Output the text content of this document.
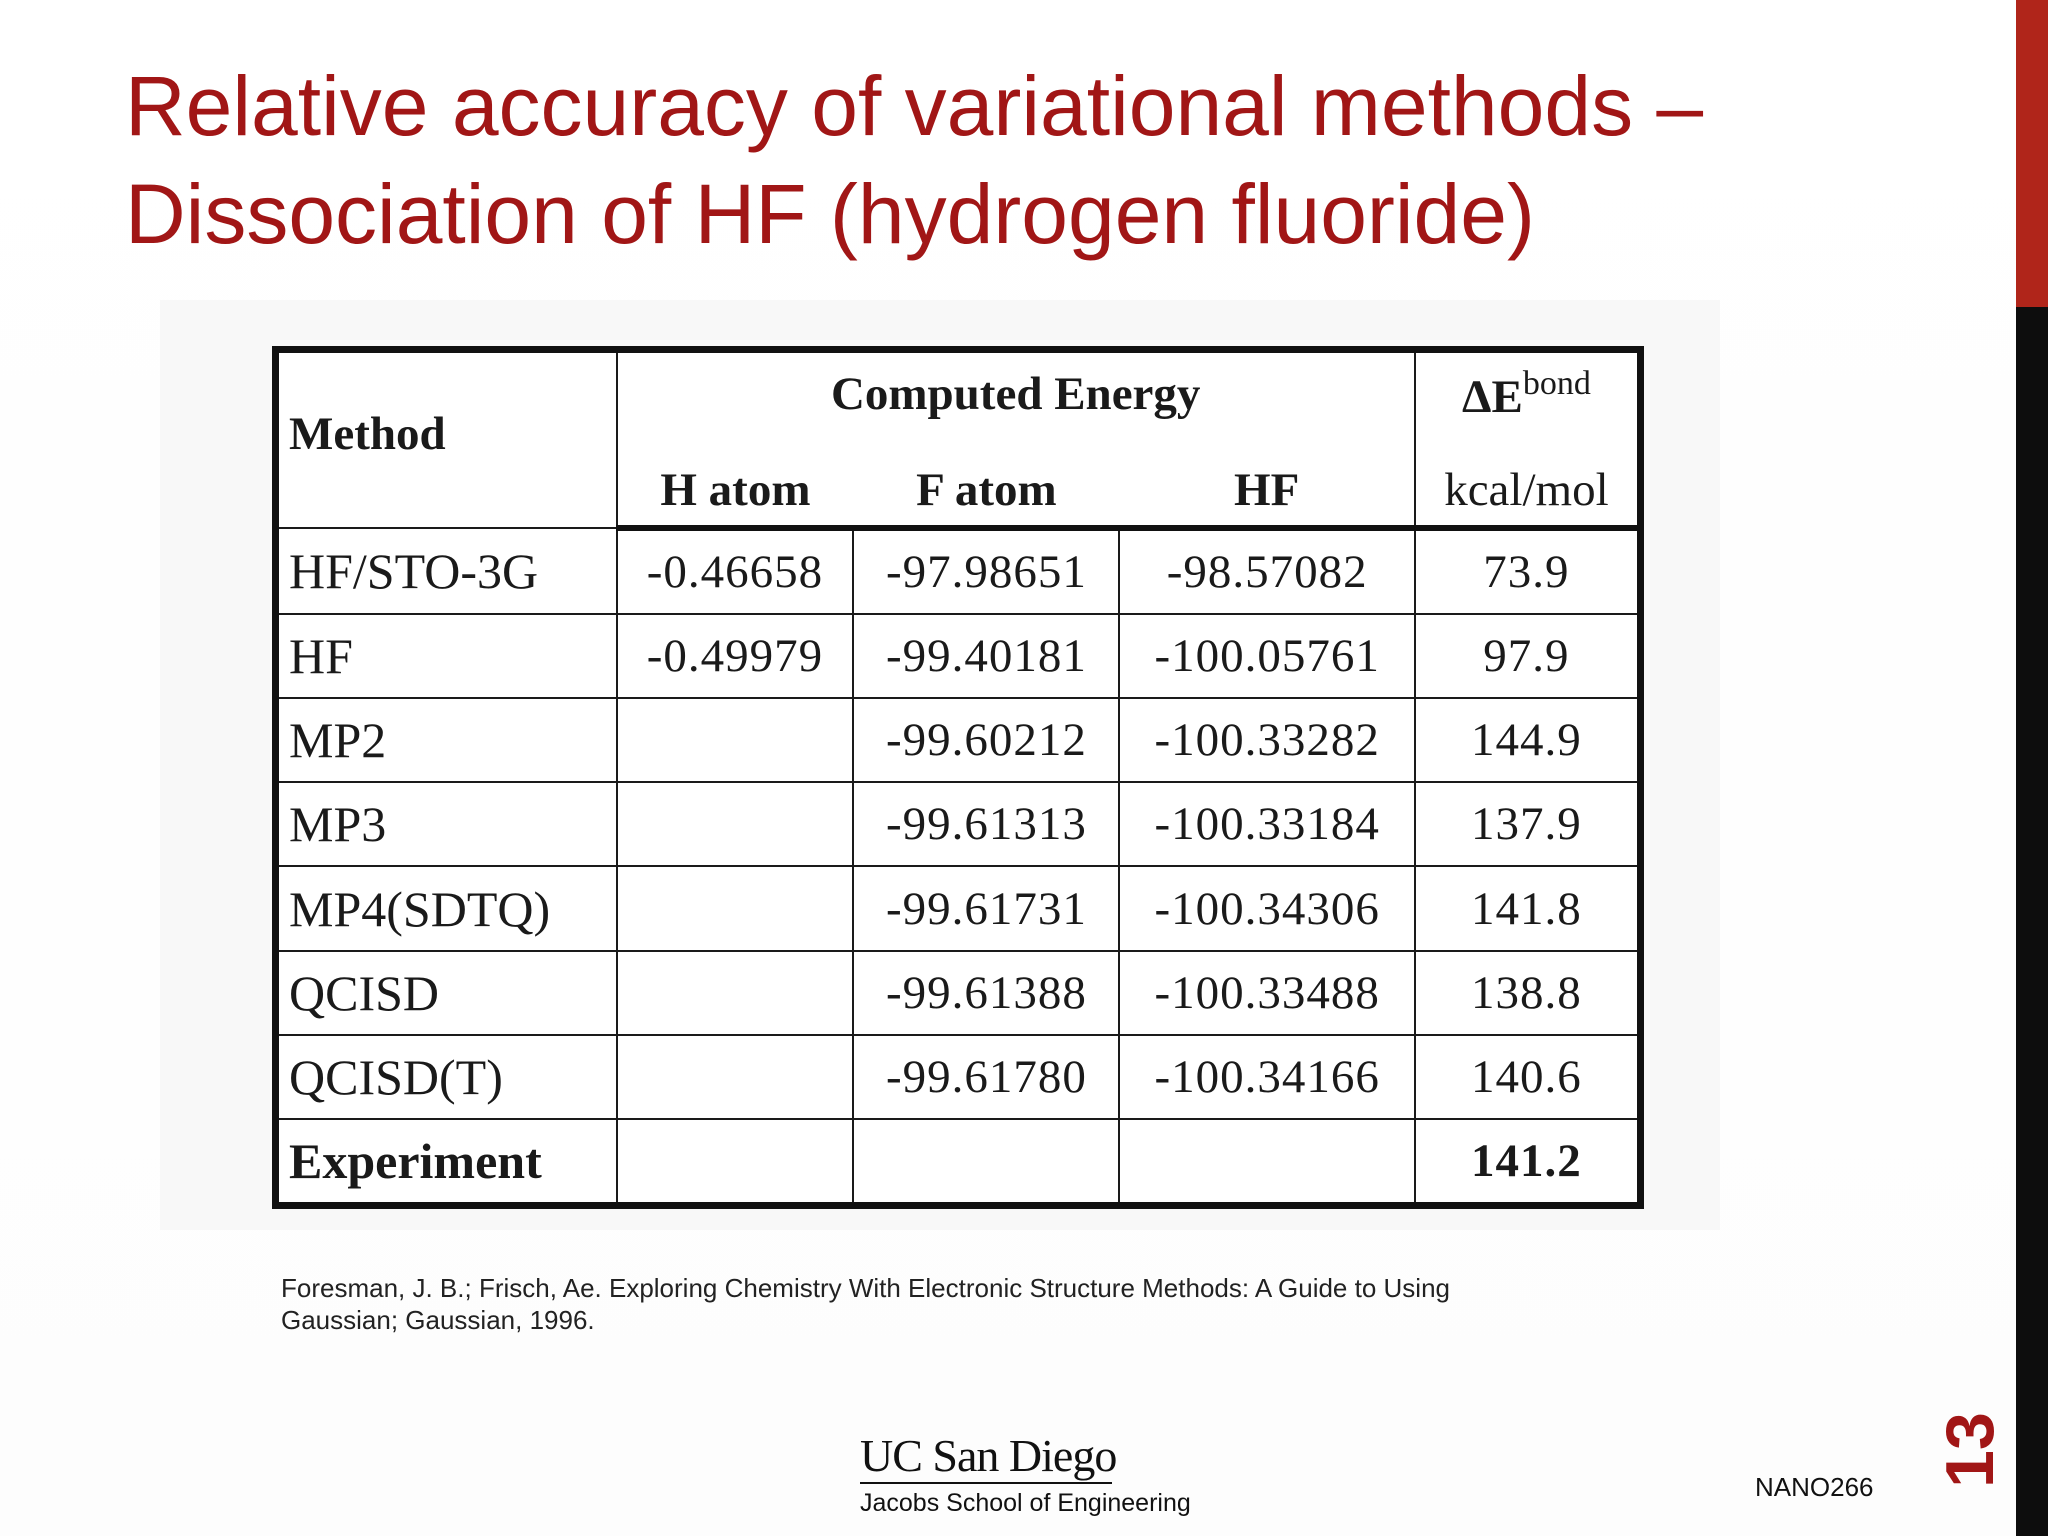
Relative accuracy of variational methods –
Dissociation of HF (hydrogen fluoride)
13
Method	Computed Energy			$\Delta E^{bond}$
	H atom	F atom	HF	kcal/mol
HF/STO-3G	-0.46658	-97.98651	-98.57082	73.9
HF	-0.49979	-99.40181	-100.05761	97.9
MP2		-99.60212	-100.33282	144.9
MP3		-99.61313	-100.33184	137.9
MP4(SDTQ)		-99.61731	-100.34306	141.8
QCISD		-99.61388	-100.33488	138.8
QCISD(T)		-99.61780	-100.34166	140.6
Experiment				141.2
Foresman, J. B.; Frisch, Ae. Exploring Chemistry With Electronic Structure Methods: A Guide to Using
Gaussian; Gaussian, 1996.
UC San Diego
Jacobs School of Engineering
NANO266
